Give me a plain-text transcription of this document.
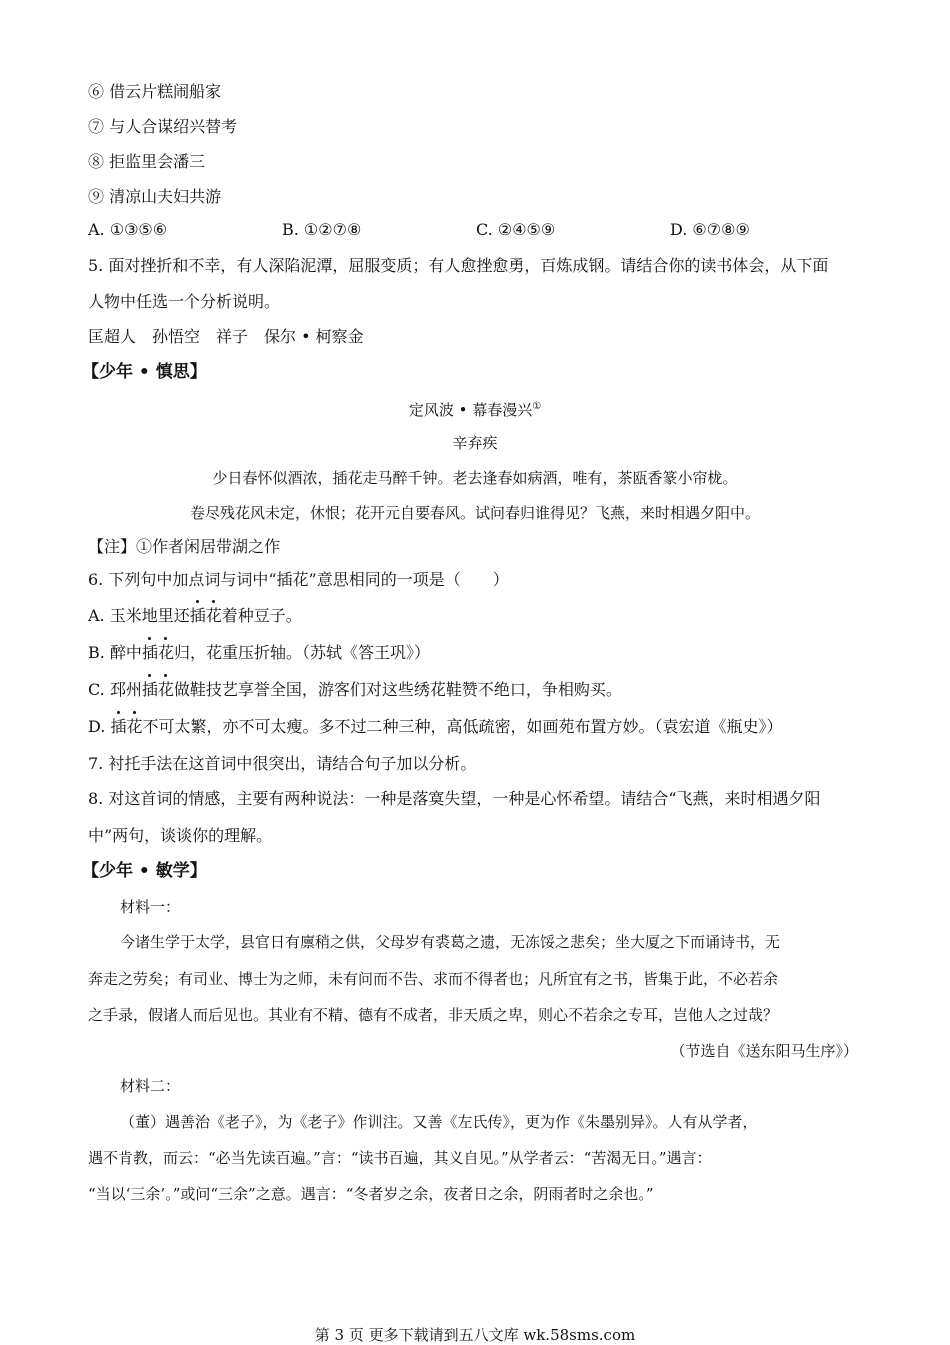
⑥ 借云片糕闹船家
⑦ 与人合谋绍兴替考
⑧ 拒监里会潘三
⑨ 清凉山夫妇共游
A. ①③⑤⑥	B. ①②⑦⑧	C. ②④⑤⑨	D. ⑥⑦⑧⑨
5. 面对挫折和不幸，有人深陷泥潭，屈服变质；有人愈挫愈勇，百炼成钢。请结合你的读书体会，从下面
人物中任选一个分析说明。
匡超人　孙悟空　祥子　保尔 • 柯察金
【少年 • 慎思】
定风波 • 幕春漫兴①
辛弃疾
少日春怀似酒浓，插花走马醉千钟。老去逢春如病酒，唯有，茶瓯香篆小帘栊。
卷尽残花风未定，休恨；花开元自要春风。试问春归谁得见？飞燕，来时相遇夕阳中。
【注】①作者闲居带湖之作
6. 下列句中加点词与词中“插花”意思相同的一项是（　　）
A. 玉米地里还插花着种豆子。
B. 醉中插花归，花重压折轴。（苏轼《答王巩》）
C. 邳州插花做鞋技艺享誉全国，游客们对这些绣花鞋赞不绝口，争相购买。
D. 插花不可太繁，亦不可太瘦。多不过二种三种，高低疏密，如画苑布置方妙。（袁宏道《瓶史》）
7. 衬托手法在这首词中很突出，请结合句子加以分析。
8. 对这首词的情感，主要有两种说法：一种是落寞失望，一种是心怀希望。请结合“飞燕，来时相遇夕阳
中”两句，谈谈你的理解。
【少年 • 敏学】
材料一：
今诸生学于太学，县官日有廪稍之供，父母岁有裘葛之遗，无冻馁之悲矣；坐大厦之下而诵诗书，无
奔走之劳矣；有司业、博士为之师，未有问而不告、求而不得者也；凡所宜有之书，皆集于此，不必若余
之手录，假诸人而后见也。其业有不精、德有不成者，非天质之卑，则心不若余之专耳，岂他人之过哉？
（节选自《送东阳马生序》）
材料二：
（董）遇善治《老子》，为《老子》作训注。又善《左氏传》，更为作《朱墨别异》。人有从学者，
遇不肯教，而云：“必当先读百遍。”言：“读书百遍，其义自见。”从学者云：“苦渴无日。”遇言：
“当以‘三余’。”或问“三余”之意。遇言：“冬者岁之余，夜者日之余，阴雨者时之余也。”
第 3 页 更多下载请到五八文库 wk.58sms.com
